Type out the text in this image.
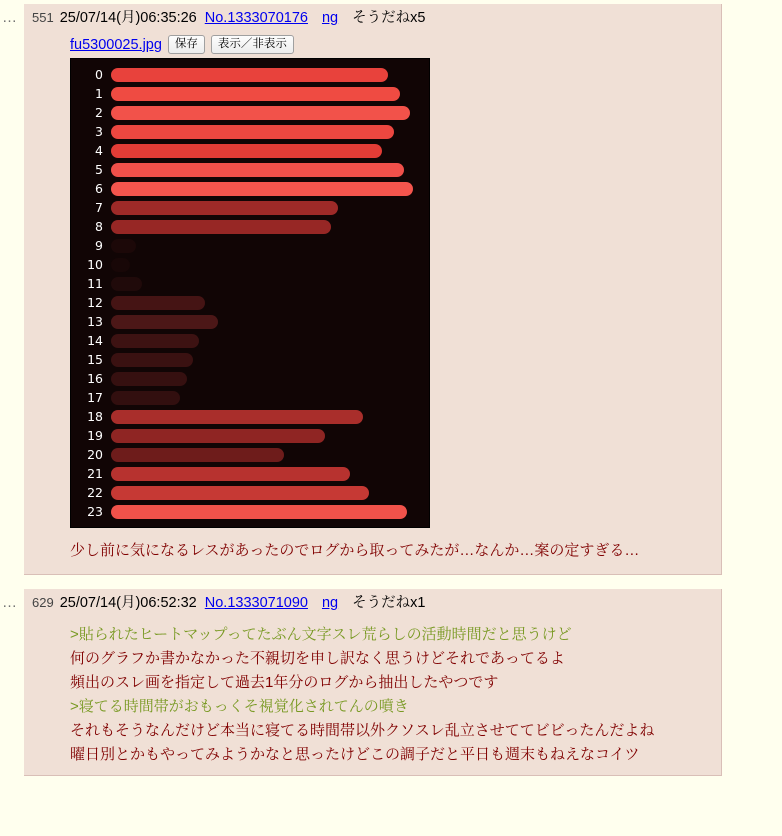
… 551 25/07/14(月)06:35:26 No.1333070176 ng そうだねx5
fu5300025.jpg	保存	表示／非表示
0
1
2
3
4
5
6
7
8
9
10
11
12
13
14
15
16
17
18
19
20
21
22
23
少し前に気になるレスがあったのでログから取ってみたが…なんか…案の定すぎる…
… 629 25/07/14(月)06:52:32 No.1333071090 ng そうだねx1
>貼られたヒートマップってたぶん文字スレ荒らしの活動時間だと思うけど
何のグラフか書かなかった不親切を申し訳なく思うけどそれであってるよ
頻出のスレ画を指定して過去1年分のログから抽出したやつです
>寝てる時間帯がおもっくそ視覚化されてんの噴き
それもそうなんだけど本当に寝てる時間帯以外クソスレ乱立させててビビったんだよね
曜日別とかもやってみようかなと思ったけどこの調子だと平日も週末もねえなコイツ
